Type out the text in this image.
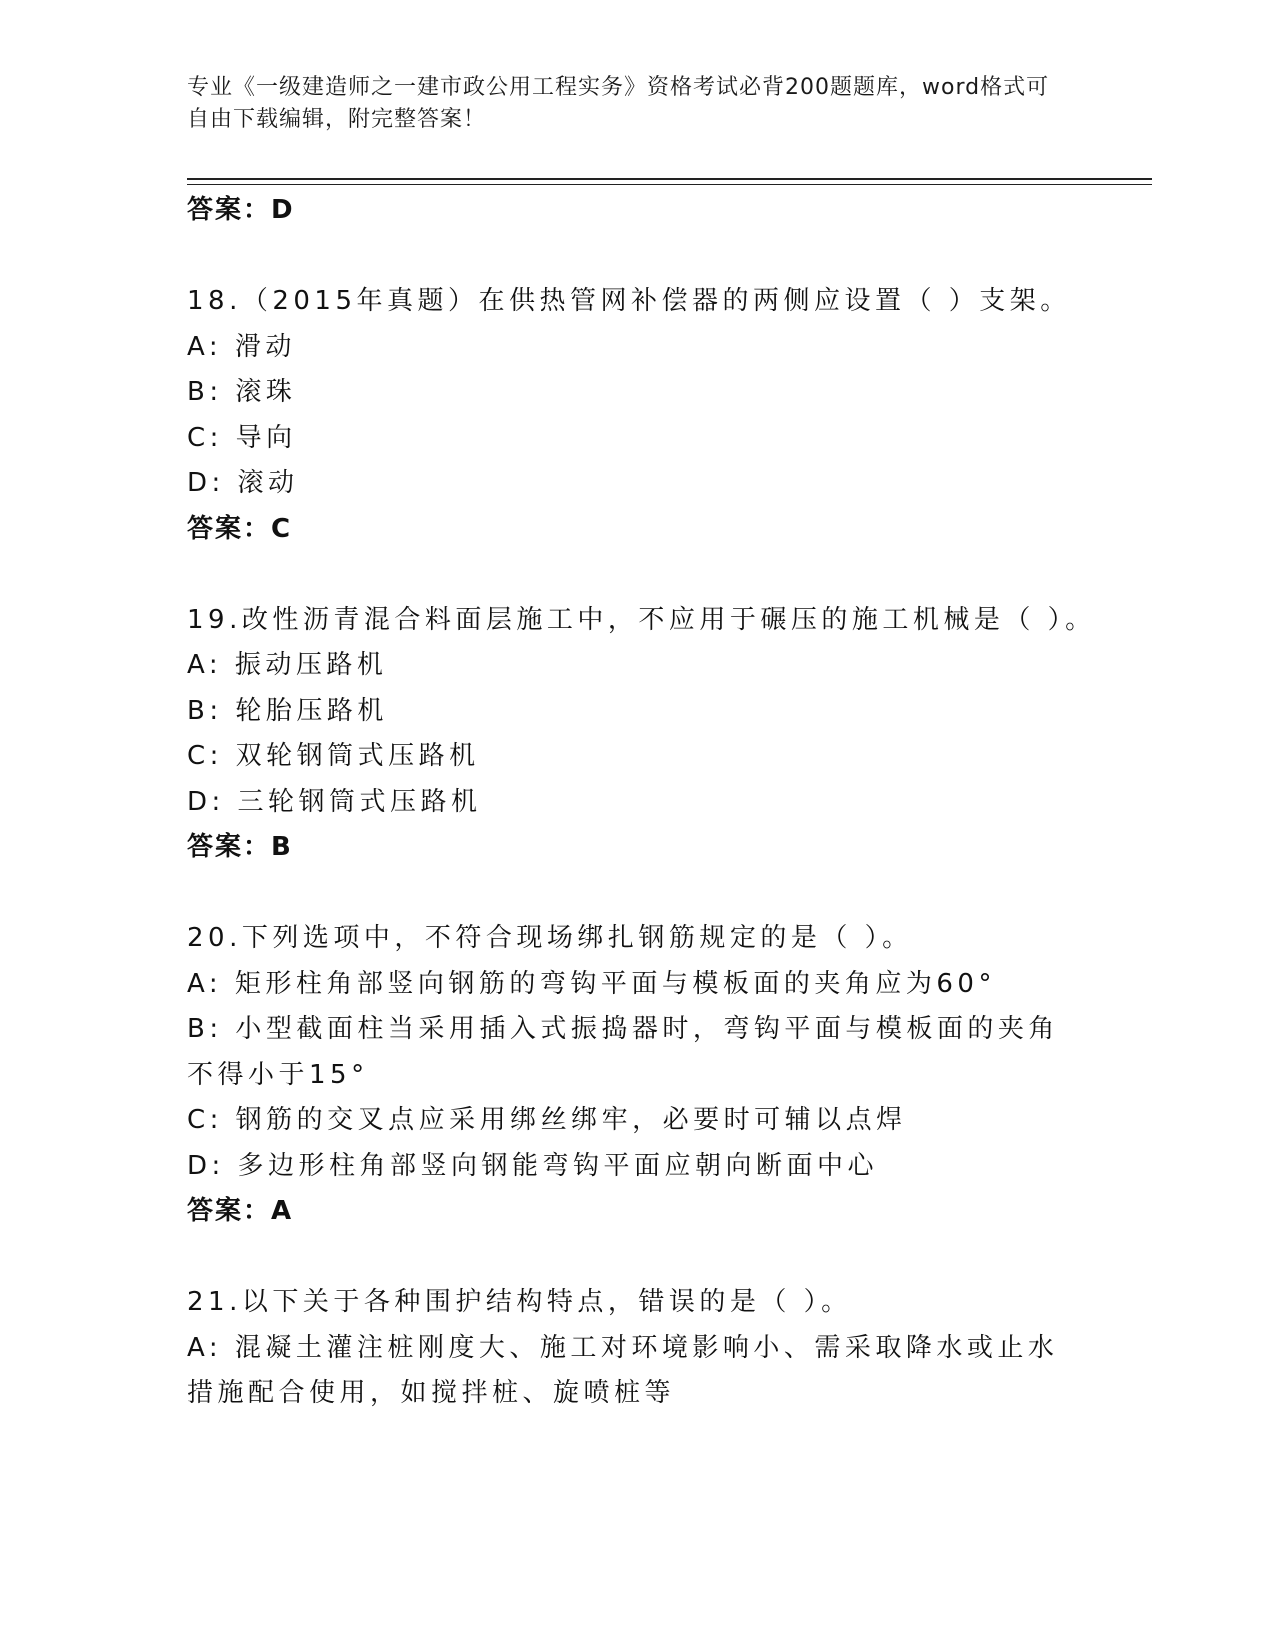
专业《一级建造师之一建市政公用工程实务》资格考试必背200题题库，word格式可自由下载编辑，附完整答案！
答案：D
18.（2015年真题）在供热管网补偿器的两侧应设置（ ）支架。
A: 滑动
B: 滚珠
C: 导向
D: 滚动
答案：C
19.改性沥青混合料面层施工中，不应用于碾压的施工机械是（ ）。
A: 振动压路机
B: 轮胎压路机
C: 双轮钢筒式压路机
D: 三轮钢筒式压路机
答案：B
20.下列选项中，不符合现场绑扎钢筋规定的是（ ）。
A: 矩形柱角部竖向钢筋的弯钩平面与模板面的夹角应为60°
B: 小型截面柱当采用插入式振捣器时，弯钩平面与模板面的夹角不得小于15°
C: 钢筋的交叉点应采用绑丝绑牢，必要时可辅以点焊
D: 多边形柱角部竖向钢能弯钩平面应朝向断面中心
答案：A
21.以下关于各种围护结构特点，错误的是（ ）。
A: 混凝土灌注桩刚度大、施工对环境影响小、需采取降水或止水措施配合使用，如搅拌桩、旋喷桩等
